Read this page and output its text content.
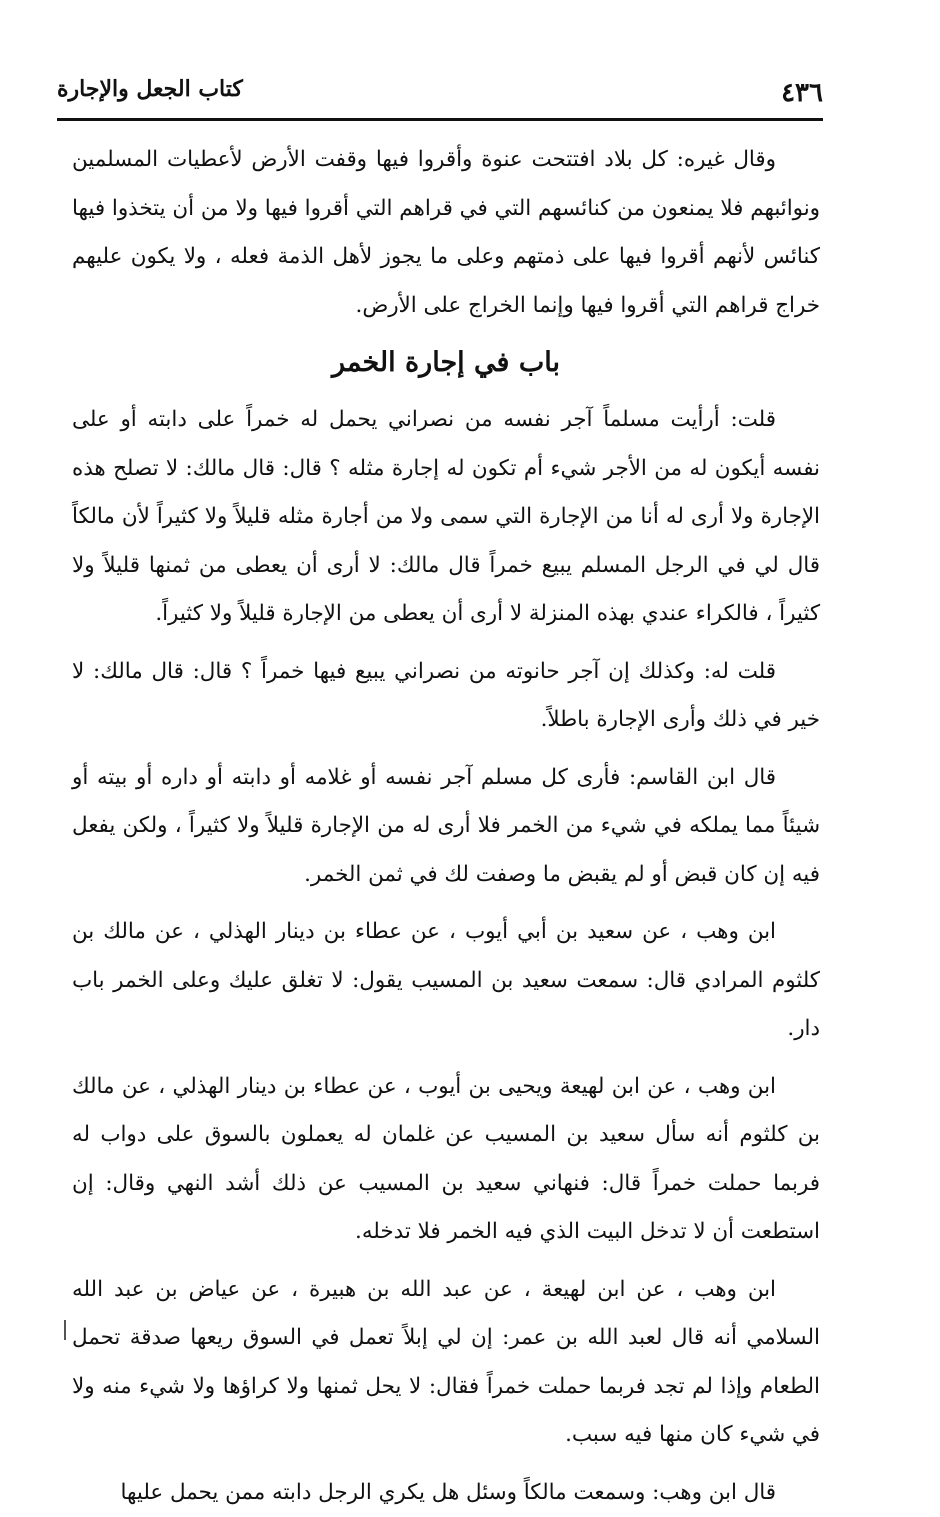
٤٣٦
كتاب الجعل والإجارة

وقال غيره: كل بلاد افتتحت عنوة وأقروا فيها وقفت الأرض لأعطيات المسلمين ونوائبهم فلا يمنعون من كنائسهم التي في قراهم التي أقروا فيها ولا من أن يتخذوا فيها كنائس لأنهم أقروا فيها على ذمتهم وعلى ما يجوز لأهل الذمة فعله ، ولا يكون عليهم خراج قراهم التي أقروا فيها وإنما الخراج على الأرض.

باب في إجارة الخمر

قلت: أرأيت مسلماً آجر نفسه من نصراني يحمل له خمراً على دابته أو على نفسه أيكون له من الأجر شيء أم تكون له إجارة مثله ؟ قال: قال مالك: لا تصلح هذه الإجارة ولا أرى له أنا من الإجارة التي سمى ولا من أجارة مثله قليلاً ولا كثيراً لأن مالكاً قال لي في الرجل المسلم يبيع خمراً قال مالك: لا أرى أن يعطى من ثمنها قليلاً ولا كثيراً ، فالكراء عندي بهذه المنزلة لا أرى أن يعطى من الإجارة قليلاً ولا كثيراً.

قلت له: وكذلك إن آجر حانوته من نصراني يبيع فيها خمراً ؟ قال: قال مالك: لا خير في ذلك وأرى الإجارة باطلاً.

قال ابن القاسم: فأرى كل مسلم آجر نفسه أو غلامه أو دابته أو داره أو بيته أو شيئاً مما يملكه في شيء من الخمر فلا أرى له من الإجارة قليلاً ولا كثيراً ، ولكن يفعل فيه إن كان قبض أو لم يقبض ما وصفت لك في ثمن الخمر.

ابن وهب ، عن سعيد بن أبي أيوب ، عن عطاء بن دينار الهذلي ، عن مالك بن كلثوم المرادي قال: سمعت سعيد بن المسيب يقول: لا تغلق عليك وعلى الخمر باب دار.

ابن وهب ، عن ابن لهيعة ويحيى بن أيوب ، عن عطاء بن دينار الهذلي ، عن مالك بن كلثوم أنه سأل سعيد بن المسيب عن غلمان له يعملون بالسوق على دواب له فربما حملت خمراً قال: فنهاني سعيد بن المسيب عن ذلك أشد النهي وقال: إن استطعت أن لا تدخل البيت الذي فيه الخمر فلا تدخله.

ابن وهب ، عن ابن لهيعة ، عن عبد الله بن هبيرة ، عن عياض بن عبد الله السلامي أنه قال لعبد الله بن عمر: إن لي إبلاً تعمل في السوق ريعها صدقة تحمل الطعام وإذا لم تجد فربما حملت خمراً فقال: لا يحل ثمنها ولا كراؤها ولا شيء منه ولا في شيء كان منها فيه سبب.

قال ابن وهب: وسمعت مالكاً وسئل هل يكري الرجل دابته ممن يحمل عليها
